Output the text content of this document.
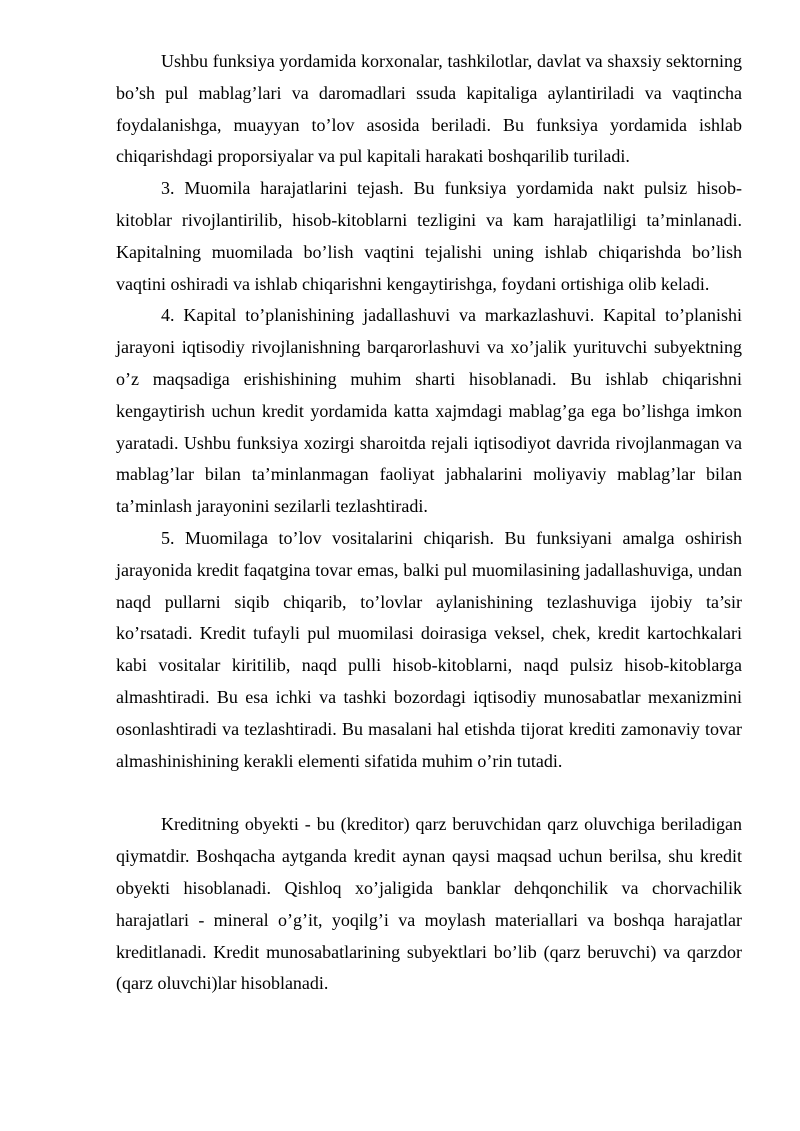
Ushbu funksiya yordamida korxonalar, tashkilotlar, davlat va shaxsiy sektorning bo’sh pul mablag’lari va daromadlari ssuda kapitaliga aylantiriladi va vaqtincha foydalanishga, muayyan to’lov asosida beriladi. Bu funksiya yordamida ishlab chiqarishdagi proporsiyalar va pul kapitali harakati boshqarilib turiladi.

3. Muomila harajatlarini tejash. Bu funksiya yordamida nakt pulsiz hisob-kitoblar rivojlantirilib, hisob-kitoblarni tezligini va kam harajatliligi ta’minlanadi. Kapitalning muomilada bo’lish vaqtini tejalishi uning ishlab chiqarishda bo’lish vaqtini oshiradi va ishlab chiqarishni kengaytirishga, foydani ortishiga olib keladi.

4. Kapital to’planishining jadallashuvi va markazlashuvi. Kapital to’planishi jarayoni iqtisodiy rivojlanishning barqarorlashuvi va xo’jalik yurituvchi subyektning o’z maqsadiga erishishining muhim sharti hisoblanadi. Bu ishlab chiqarishni kengaytirish uchun kredit yordamida katta xajmdagi mablag’ga ega bo’lishga imkon yaratadi. Ushbu funksiya xozirgi sharoitda rejali iqtisodiyot davrida rivojlanmagan va mablag’lar bilan ta’minlanmagan faoliyat jabhalarini moliyaviy mablag’lar bilan ta’minlash jarayonini sezilarli tezlashtiradi.

5. Muomilaga to’lov vositalarini chiqarish. Bu funksiyani amalga oshirish jarayonida kredit faqatgina tovar emas, balki pul muomilasining jadallashuviga, undan naqd pullarni siqib chiqarib, to’lovlar aylanishining tezlashuviga ijobiy ta’sir ko’rsatadi. Kredit tufayli pul muomilasi doirasiga veksel, chek, kredit kartochkalari kabi vositalar kiritilib, naqd pulli hisob-kitoblarni, naqd pulsiz hisob-kitoblarga almashtiradi. Bu esa ichki va tashki bozordagi iqtisodiy munosabatlar mexanizmini osonlashtiradi va tezlashtiradi. Bu masalani hal etishda tijorat krediti zamonaviy tovar almashinishining kerakli elementi sifatida muhim o’rin tutadi.

Kreditning obyekti - bu (kreditor) qarz beruvchidan qarz oluvchiga beriladigan qiymatdir. Boshqacha aytganda kredit aynan qaysi maqsad uchun berilsa, shu kredit obyekti hisoblanadi. Qishloq xo’jaligida banklar dehqonchilik va chorvachilik harajatlari - mineral o’g’it, yoqilg’i va moylash materiallari va boshqa harajatlar kreditlanadi. Kredit munosabatlarining subyektlari bo’lib (qarz beruvchi) va qarzdor (qarz oluvchi)lar hisoblanadi.
